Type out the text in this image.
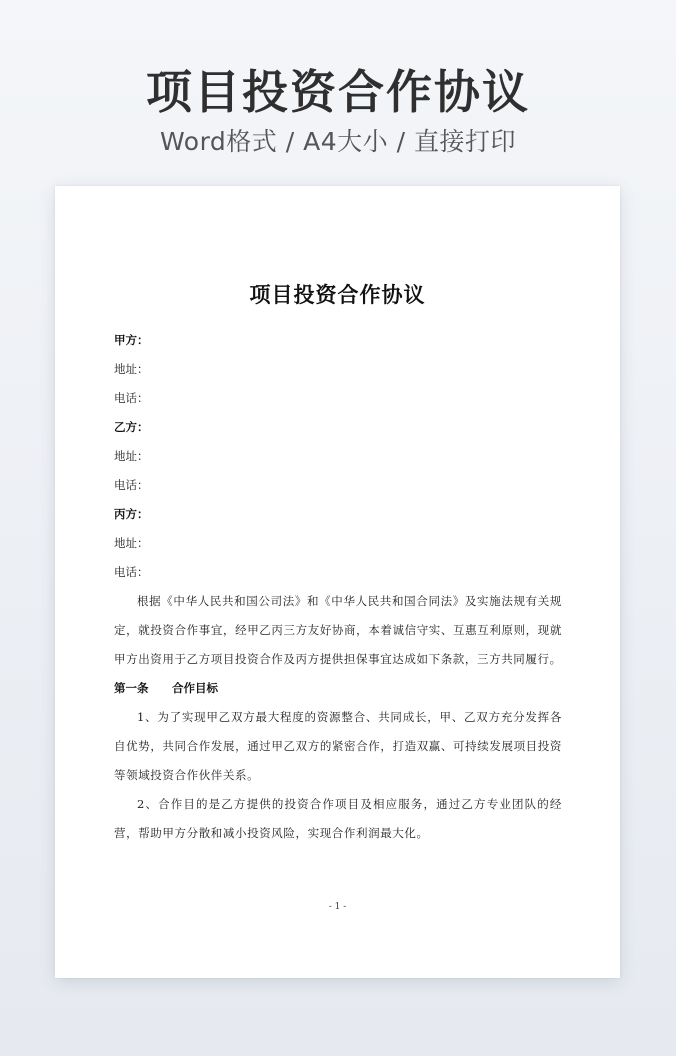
项目投资合作协议
Word格式 / A4大小 / 直接打印
项目投资合作协议
甲方：
地址：
电话：
乙方：
地址：
电话：
丙方：
地址：
电话：

根据《中华人民共和国公司法》和《中华人民共和国合同法》及实施法规有关规定，就投资合作事宜，经甲乙丙三方友好协商，本着诚信守实、互惠互利原则，现就甲方出资用于乙方项目投资合作及丙方提供担保事宜达成如下条款，三方共同履行。

第一条 合作目标

1、为了实现甲乙双方最大程度的资源整合、共同成长，甲、乙双方充分发挥各自优势，共同合作发展，通过甲乙双方的紧密合作，打造双赢、可持续发展项目投资等领域投资合作伙伴关系。

2、合作目的是乙方提供的投资合作项目及相应服务，通过乙方专业团队的经营，帮助甲方分散和减小投资风险，实现合作利润最大化。

- 1 -
